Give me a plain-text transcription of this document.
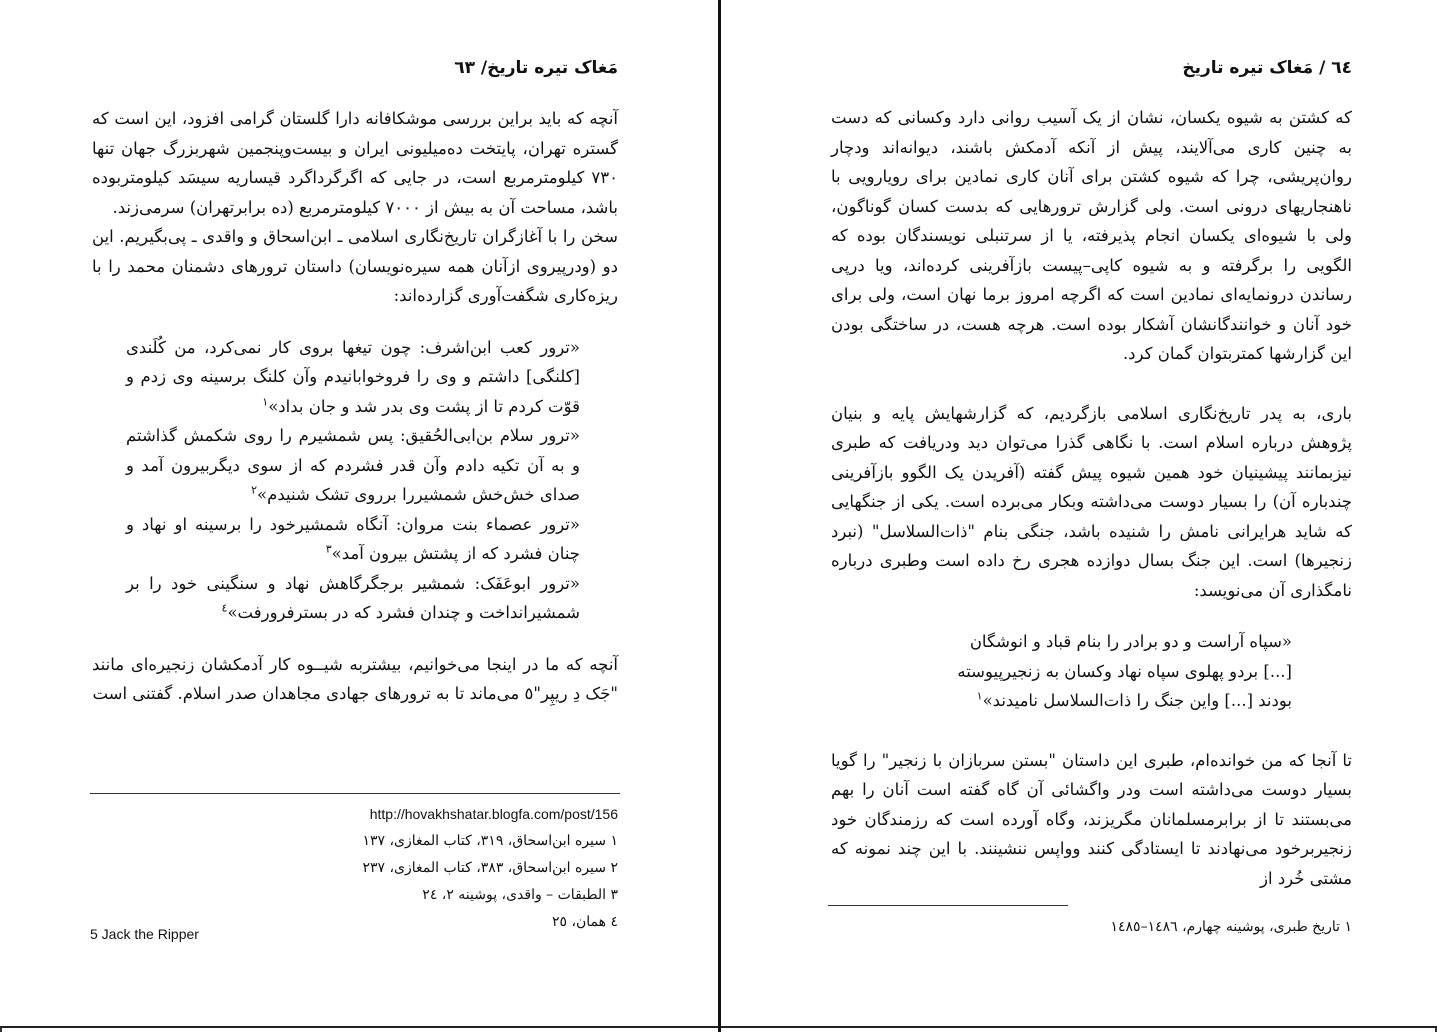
مَغاک تیره تاریخ/ ٦٣

آنچه که باید براین بررسی موشکافانه دارا گلستان گرامی افزود، این است که گستره تهران، پایتخت ده‌میلیونی ایران و بیست‌وپنجمین شهربزرگ جهان تنها ٧٣٠ کیلومترمربع است، در جایی که اگرگرداگرد قیساریه سیسَد کیلومتربوده باشد، مساحت آن به بیش از ٧٠٠٠ کیلومترمربع (ده برابرتهران) سرمی‌زند.

سخن را با آغازگران تاریخ‌نگاری اسلامی ـ ابن‌اسحاق و واقدی ـ پی‌بگیریم. این دو (ودرپیروی ازآنان همه سیره‌نویسان) داستان ترورهای دشمنان محمد را با ریزه‌کاری شگفت‌آوری گزارده‌اند:

«ترور کعب ابن‌اشرف: چون تیغها بروی کار نمی‌کرد، من کُلَندی [کلنگی] داشتم و وی را فروخوابانیدم وآن کلنگ برسینه وی زدم و قوّت کردم تا از پشت وی بدر شد و جان بداد»$^١$

«ترور سلام بن‌ابی‌الحُقیق: پس شمشیرم را روی شکمش گذاشتم و به آن تکیه دادم وآن قدر فشردم که از سوی دیگربیرون آمد و صدای خش‌خش شمشیررا برروی تشک شنیدم»$^٢$

«ترور عصماء بنت مروان: آنگاه شمشیرخود را برسینه او نهاد و چنان فشرد که از پشتش بیرون آمد»$^٣$

«ترور ابوعَفَک: شمشیر برجگرگاهش نهاد و سنگینی خود را بر شمشیرانداخت و چندان فشرد که در بسترفرورفت»$^٤$

آنچه که ما در اینجا می‌خوانیم، بیشتربه شیــوه کار آدمکشان زنجیره‌ای مانند "جَک دِ ریپِر"٥ می‌ماند تا به ترورهای جهادی مجاهدان صدر اسلام. گفتنی است

http://hovakhshatar.blogfa.com/post/156
١ سیره ابن‌اسحاق، ٣١٩، کتاب المغازی، ١٣٧
٢ سیره ابن‌اسحاق، ٣٨٣، کتاب المغازی، ٢٣٧
٣ الطبقات – واقدی، پوشینه ٢، ٢٤
٤ همان، ٢٥
5 Jack the Ripper
٦٤ / مَغاک تیره تاریخ

که کشتن به شیوه یکسان، نشان از یک آسیب روانی دارد وکسانی که دست به چنین کاری می‌آلایند، پیش از آنکه آدمکش باشند، دیوانه‌اند ودچار روان‌پریشی، چرا که شیوه کشتن برای آنان کاری نمادین برای رویارویی با ناهنجاریهای درونی است. ولی گزارش ترورهایی که بدست کسان گوناگون، ولی با شیوه‌ای یکسان انجام پذیرفته، یا از سرتنبلی نویسندگان بوده که الگویی را برگرفته و به شیوه کاپی–پیست بازآفرینی کرده‌اند، ویا درپی رساندن درونمایه‌ای نمادین است که اگرچه امروز برما نهان است، ولی برای خود آنان و خوانندگانشان آشکار بوده است. هرچه هست، در ساختگی بودن این گزارشها کمتربتوان گمان کرد.

باری، به پدر تاریخ‌نگاری اسلامی بازگردیم، که گزارشهایش پایه و بنیان پژوهش درباره اسلام است. با نگاهی گذرا می‌توان دید ودریافت که طبری نیزبمانند پیشینیان خود همین شیوه پیش گفته (آفریدن یک الگوو بازآفرینی چندباره آن) را بسیار دوست می‌داشته وبکار می‌برده است. یکی از جنگهایی که شاید هرایرانی نامش را شنیده باشد، جنگی بنام "ذات‌السلاسل" (نبرد زنجیرها) است. این جنگ بسال دوازده هجری رخ داده است وطبری درباره نامگذاری آن می‌نویسد:

«سپاه آراست و دو برادر را بنام قباد و انوشگان [...] بردو پهلوی سپاه نهاد وکسان به زنجیرپیوسته بودند [...] واین جنگ را ذات‌السلاسل نامیدند»$^١$

تا آنجا که من خوانده‌ام، طبری این داستان "بستن سربازان با زنجیر" را گویا بسیار دوست می‌داشته است ودر واگشائی آن گاه گفته است آنان را بهم می‌بستند تا از برابرمسلمانان مگریزند، وگاه آورده است که رزمندگان خود زنجیربرخود می‌نهادند تا ایستادگی کنند وواپس ننشینند. با این چند نمونه که مشتی خُرد از

١ تاریخ طبری، پوشینه چهارم، ١٤٨٦–١٤٨٥
